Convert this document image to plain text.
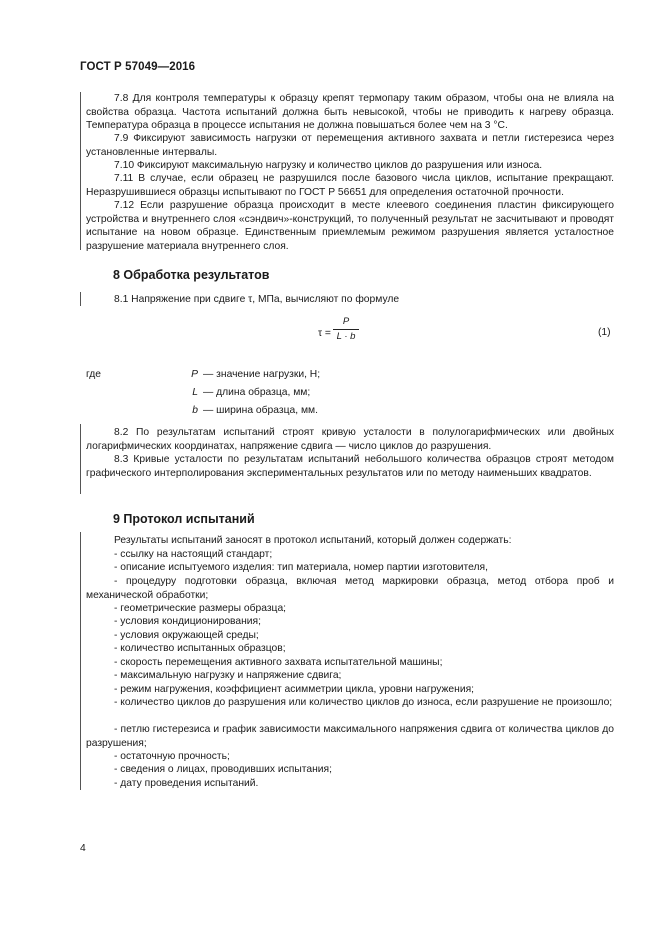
ГОСТ Р 57049—2016

7.8 Для контроля температуры к образцу крепят термопару таким образом, чтобы она не влияла на свойства образца. Частота испытаний должна быть невысокой, чтобы не приводить к нагреву образца. Температура образца в процессе испытания не должна повышаться более чем на 3 °С.

7.9 Фиксируют зависимость нагрузки от перемещения активного захвата и петли гистерезиса через установленные интервалы.

7.10 Фиксируют максимальную нагрузку и количество циклов до разрушения или износа.

7.11 В случае, если образец не разрушился после базового числа циклов, испытание прекращают. Неразрушившиеся образцы испытывают по ГОСТ Р 56651 для определения остаточной прочности.

7.12 Если разрушение образца происходит в месте клеевого соединения пластин фиксирующего устройства и внутреннего слоя «сэндвич»-конструкций, то полученный результат не засчитывают и проводят испытание на новом образце. Единственным приемлемым режимом разрушения является усталостное разрушение материала внутреннего слоя.

8 Обработка результатов

8.1 Напряжение при сдвиге τ, МПа, вычисляют по формуле

τ =
P
L · b	(1)
где	P — значение нагрузки, Н;
L — длина образца, мм;
b — ширина образца, мм.

8.2 По результатам испытаний строят кривую усталости в полулогарифмических или двойных логарифмических координатах, напряжение сдвига — число циклов до разрушения.

8.3 Кривые усталости по результатам испытаний небольшого количества образцов строят методом графического интерполирования экспериментальных результатов или по методу наименьших квадратов.

9 Протокол испытаний

Результаты испытаний заносят в протокол испытаний, который должен содержать:

- ссылку на настоящий стандарт;

- описание испытуемого изделия: тип материала, номер партии изготовителя,

- процедуру подготовки образца, включая метод маркировки образца, метод отбора проб и механической обработки;

- геометрические размеры образца;

- условия кондиционирования;

- условия окружающей среды;

- количество испытанных образцов;

- скорость перемещения активного захвата испытательной машины;

- максимальную нагрузку и напряжение сдвига;

- режим нагружения, коэффициент асимметрии цикла, уровни нагружения;

- количество циклов до разрушения или количество циклов до износа, если разрушение не произошло;

- петлю гистерезиса и график зависимости максимального напряжения сдвига от количества циклов до разрушения;

- остаточную прочность;

- сведения о лицах, проводивших испытания;

- дату проведения испытаний.

4
